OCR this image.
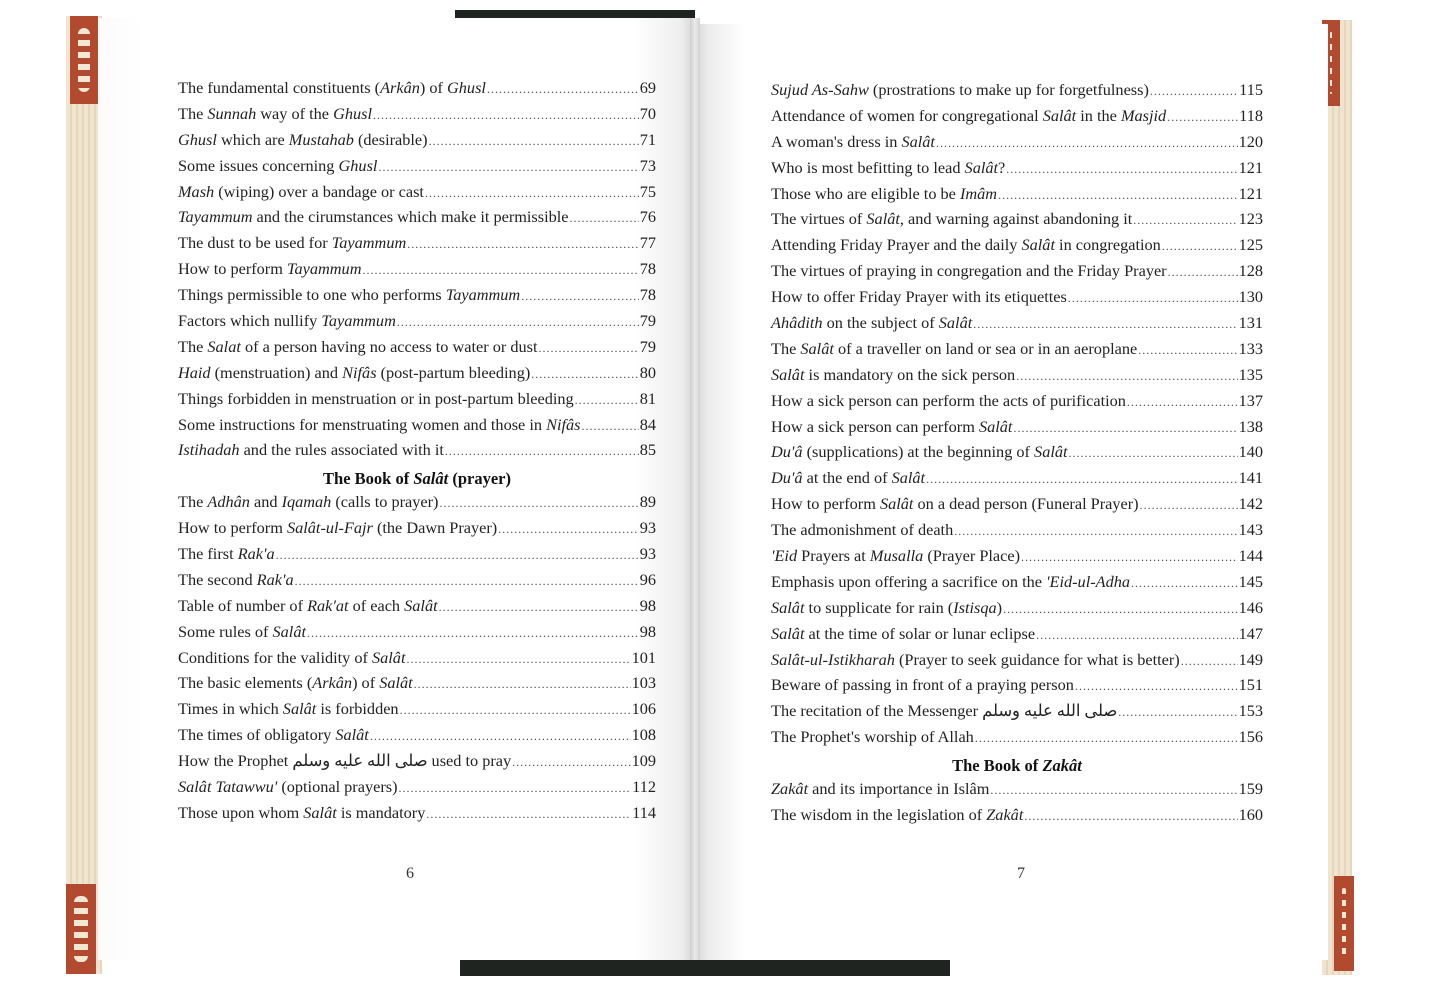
The fundamental constituents (Arkân) of Ghusl .....	69
The Sunnah way of the Ghusl .....	70
Ghusl which are Mustahab (desirable) .....	71
Some issues concerning Ghusl .....	73
Mash (wiping) over a bandage or cast .....	75
Tayammum and the cirumstances which make it permissible .....	76
The dust to be used for Tayammum .....	77
How to perform Tayammum .....	78
Things permissible to one who performs Tayammum .....	78
Factors which nullify Tayammum .....	79
The Salat of a person having no access to water or dust .....	79
Haid (menstruation) and Nifâs (post-partum bleeding) .....	80
Things forbidden in menstruation or in post-partum bleeding .....	81
Some instructions for menstruating women and those in Nifâs .....	84
Istihadah and the rules associated with it .....	85
The Book of Salât (prayer)
The Adhân and Iqamah (calls to prayer) .....	89
How to perform Salât-ul-Fajr (the Dawn Prayer) .....	93
The first Rak'a .....	93
The second Rak'a .....	96
Table of number of Rak'at of each Salât .....	98
Some rules of Salât .....	98
Conditions for the validity of Salât .....	101
The basic elements (Arkân) of Salât .....	103
Times in which Salât is forbidden .....	106
The times of obligatory Salât .....	108
How the Prophet صلى الله عليه وسلم used to pray .....	109
Salât Tatawwu' (optional prayers) .....	112
Those upon whom Salât is mandatory .....	114
Sujud As-Sahw (prostrations to make up for forgetfulness) .....	115
Attendance of women for congregational Salât in the Masjid .....	118
A woman's dress in Salât .....	120
Who is most befitting to lead Salât? .....	121
Those who are eligible to be Imâm .....	121
The virtues of Salât, and warning against abandoning it .....	123
Attending Friday Prayer and the daily Salât in congregation .....	125
The virtues of praying in congregation and the Friday Prayer .....	128
How to offer Friday Prayer with its etiquettes .....	130
Ahâdith on the subject of Salât .....	131
The Salât of a traveller on land or sea or in an aeroplane .....	133
Salât is mandatory on the sick person .....	135
How a sick person can perform the acts of purification .....	137
How a sick person can perform Salât .....	138
Du'â (supplications) at the beginning of Salât .....	140
Du'â at the end of Salât .....	141
How to perform Salât on a dead person (Funeral Prayer) .....	142
The admonishment of death .....	143
'Eid Prayers at Musalla (Prayer Place) .....	144
Emphasis upon offering a sacrifice on the 'Eid-ul-Adha .....	145
Salât to supplicate for rain (Istisqa) .....	146
Salât at the time of solar or lunar eclipse .....	147
Salât-ul-Istikharah (Prayer to seek guidance for what is better) .....	149
Beware of passing in front of a praying person .....	151
The recitation of the Messenger صلى الله عليه وسلم .....	153
The Prophet's worship of Allah .....	156
The Book of Zakât
Zakât and its importance in Islâm .....	159
The wisdom in the legislation of Zakât .....	160
6	7
